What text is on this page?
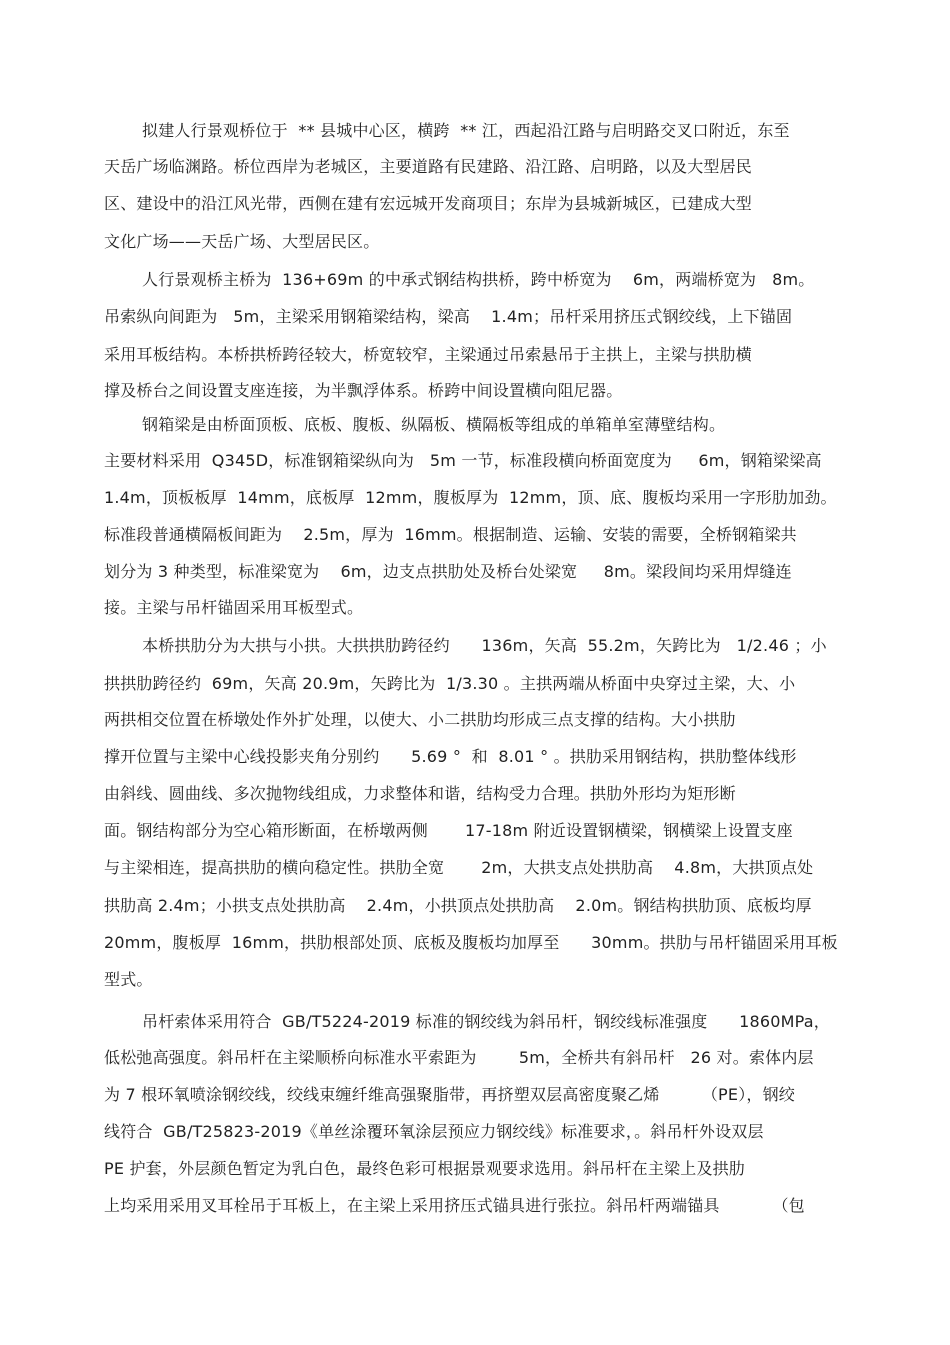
拟建人行景观桥位于  ** 县城中心区，横跨  ** 江，西起沿江路与启明路交叉口附近，东至
天岳广场临渊路。桥位西岸为老城区，主要道路有民建路、沿江路、启明路，以及大型居民
区、建设中的沿江风光带，西侧在建有宏远城开发商项目；东岸为县城新城区，已建成大型
文化广场——天岳广场、大型居民区。
人行景观桥主桥为  136+69m 的中承式钢结构拱桥，跨中桥宽为    6m，两端桥宽为   8m。
吊索纵向间距为   5m，主梁采用钢箱梁结构，梁高    1.4m；吊杆采用挤压式钢绞线，上下锚固
采用耳板结构。本桥拱桥跨径较大，桥宽较窄，主梁通过吊索悬吊于主拱上，主梁与拱肋横
撑及桥台之间设置支座连接，为半飘浮体系。桥跨中间设置横向阻尼器。
钢箱梁是由桥面顶板、底板、腹板、纵隔板、横隔板等组成的单箱单室薄壁结构。
主要材料采用  Q345D，标准钢箱梁纵向为   5m 一节，标准段横向桥面宽度为     6m，钢箱梁梁高
1.4m，顶板板厚  14mm，底板厚  12mm，腹板厚为  12mm，顶、底、腹板均采用一字形肋加劲。
标准段普通横隔板间距为    2.5m，厚为  16mm。根据制造、运输、安装的需要，全桥钢箱梁共
划分为 3 种类型，标准梁宽为    6m，边支点拱肋处及桥台处梁宽     8m。梁段间均采用焊缝连
接。主梁与吊杆锚固采用耳板型式。
本桥拱肋分为大拱与小拱。大拱拱肋跨径约      136m，矢高  55.2m，矢跨比为   1/2.46 ；小
拱拱肋跨径约  69m，矢高 20.9m，矢跨比为  1/3.30 。主拱两端从桥面中央穿过主梁，大、小
两拱相交位置在桥墩处作外扩处理，以使大、小二拱肋均形成三点支撑的结构。大小拱肋
撑开位置与主梁中心线投影夹角分别约      5.69 °  和  8.01 ° 。拱肋采用钢结构，拱肋整体线形
由斜线、圆曲线、多次抛物线组成，力求整体和谐，结构受力合理。拱肋外形均为矩形断
面。钢结构部分为空心箱形断面，在桥墩两侧       17-18m 附近设置钢横梁，钢横梁上设置支座
与主梁相连，提高拱肋的横向稳定性。拱肋全宽       2m，大拱支点处拱肋高    4.8m，大拱顶点处
拱肋高 2.4m；小拱支点处拱肋高    2.4m，小拱顶点处拱肋高    2.0m。钢结构拱肋顶、底板均厚
20mm，腹板厚  16mm，拱肋根部处顶、底板及腹板均加厚至      30mm。拱肋与吊杆锚固采用耳板
型式。
吊杆索体采用符合  GB/T5224-2019 标准的钢绞线为斜吊杆，钢绞线标准强度      1860MPa，
低松弛高强度。斜吊杆在主梁顺桥向标准水平索距为        5m，全桥共有斜吊杆   26 对。索体内层
为 7 根环氧喷涂钢绞线，绞线束缠纤维高强聚脂带，再挤塑双层高密度聚乙烯        （PE），钢绞
线符合  GB/T25823-2019《单丝涂覆环氧涂层预应力钢绞线》标准要求，。斜吊杆外设双层
PE 护套，外层颜色暂定为乳白色，最终色彩可根据景观要求选用。斜吊杆在主梁上及拱肋
上均采用采用叉耳栓吊于耳板上，在主梁上采用挤压式锚具进行张拉。斜吊杆两端锚具          （包
